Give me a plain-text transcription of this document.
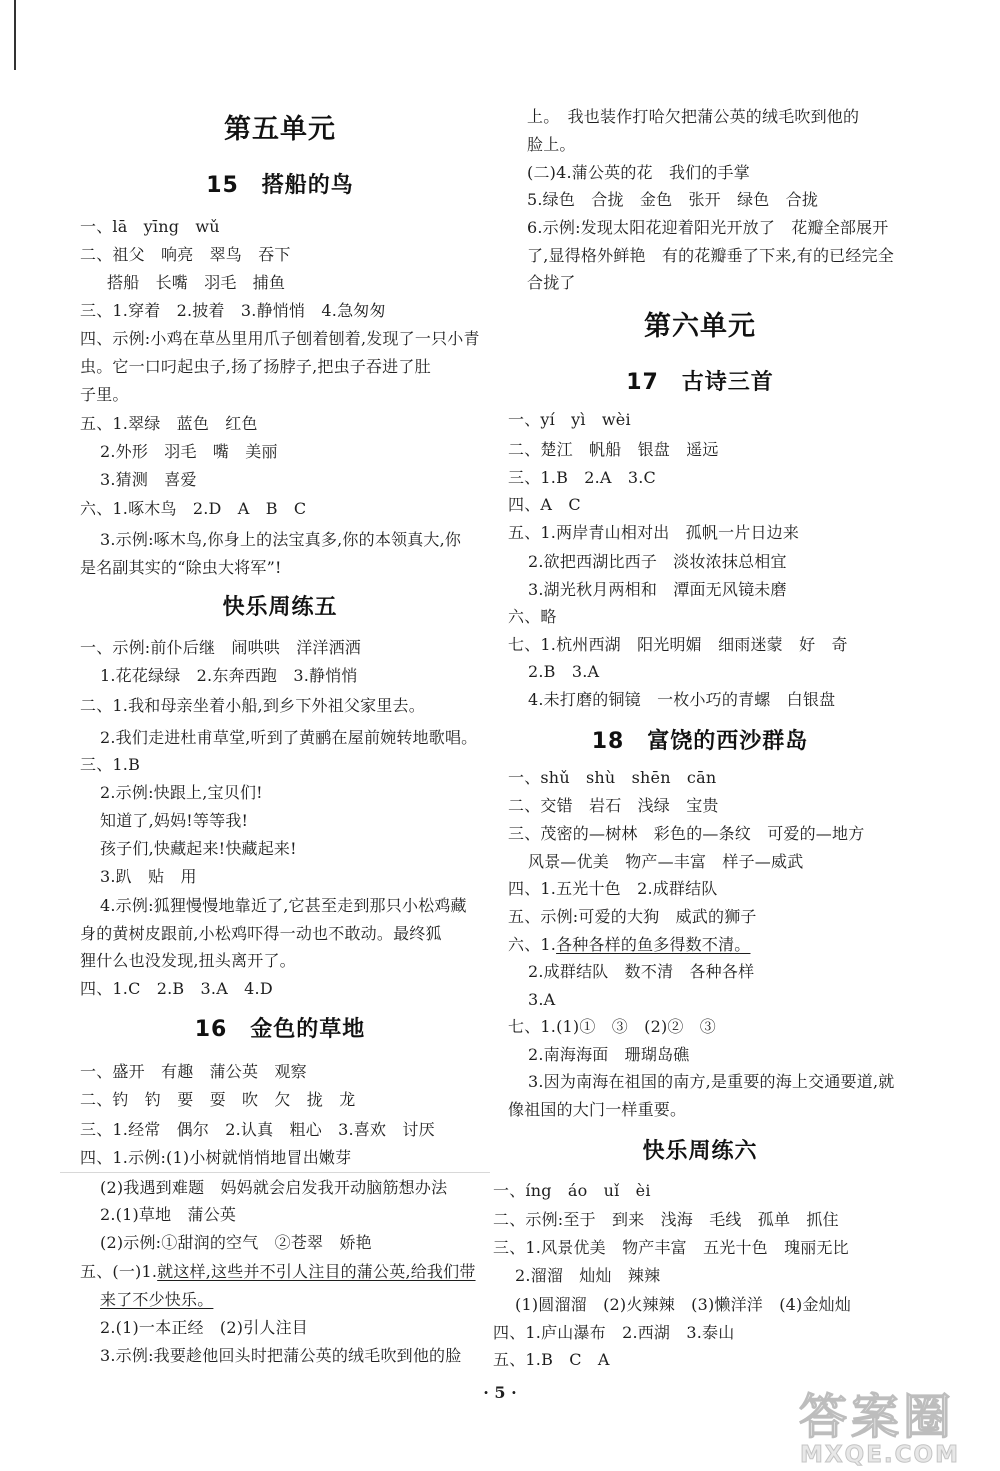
第五单元
15　搭船的鸟
一、lā　yīng　wǔ
二、祖父　响亮　翠鸟　吞下
搭船　长嘴　羽毛　捕鱼
三、1.穿着　2.披着　3.静悄悄　4.急匆匆
四、示例:小鸡在草丛里用爪子刨着刨着,发现了一只小青
虫。它一口叼起虫子,扬了扬脖子,把虫子吞进了肚
子里。
五、1.翠绿　蓝色　红色
2.外形　羽毛　嘴　美丽
3.猜测　喜爱
六、1.啄木鸟　2.D　A　B　C
3.示例:啄木鸟,你身上的法宝真多,你的本领真大,你
是名副其实的“除虫大将军”!
快乐周练五
一、示例:前仆后继　闹哄哄　洋洋洒洒
1.花花绿绿　2.东奔西跑　3.静悄悄
二、1.我和母亲坐着小船,到乡下外祖父家里去。
2.我们走进杜甫草堂,听到了黄鹂在屋前婉转地歌唱。
三、1.B
2.示例:快跟上,宝贝们!
知道了,妈妈!等等我!
孩子们,快藏起来!快藏起来!
3.趴　贴　用
4.示例:狐狸慢慢地靠近了,它甚至走到那只小松鸡藏
身的黄树皮跟前,小松鸡吓得一动也不敢动。最终狐
狸什么也没发现,扭头离开了。
四、1.C　2.B　3.A　4.D
16　金色的草地
一、盛开　有趣　蒲公英　观察
二、钓　钓　要　耍　吹　欠　拢　龙
三、1.经常　偶尔　2.认真　粗心　3.喜欢　讨厌
四、1.示例:(1)小树就悄悄地冒出嫩芽
(2)我遇到难题　妈妈就会启发我开动脑筋想办法
2.(1)草地　蒲公英
(2)示例:①甜润的空气　②苍翠　娇艳
五、(一)1.就这样,这些并不引人注目的蒲公英,给我们带
来了不少快乐。
2.(1)一本正经　(2)引人注目
3.示例:我要趁他回头时把蒲公英的绒毛吹到他的脸
上。　我也装作打哈欠把蒲公英的绒毛吹到他的
脸上。
(二)4.蒲公英的花　我们的手掌
5.绿色　合拢　金色　张开　绿色　合拢
6.示例:发现太阳花迎着阳光开放了　花瓣全部展开
了,显得格外鲜艳　有的花瓣垂了下来,有的已经完全
合拢了
第六单元
17　古诗三首
一、yí　yì　wèi
二、楚江　帆船　银盘　遥远
三、1.B　2.A　3.C
四、A　C
五、1.两岸青山相对出　孤帆一片日边来
2.欲把西湖比西子　淡妆浓抹总相宜
3.湖光秋月两相和　潭面无风镜未磨
六、略
七、1.杭州西湖　阳光明媚　细雨迷蒙　好　奇
2.B　3.A
4.未打磨的铜镜　一枚小巧的青螺　白银盘
18　富饶的西沙群岛
一、shǔ　shù　shēn　cān
二、交错　岩石　浅绿　宝贵
三、茂密的—树林　彩色的—条纹　可爱的—地方
风景—优美　物产—丰富　样子—威武
四、1.五光十色　2.成群结队
五、示例:可爱的大狗　威武的狮子
六、1.各种各样的鱼多得数不清。
2.成群结队　数不清　各种各样
3.A
七、1.(1)①　③　(2)②　③
2.南海海面　珊瑚岛礁
3.因为南海在祖国的南方,是重要的海上交通要道,就
像祖国的大门一样重要。
快乐周练六
一、íng　áo　uǐ　èi
二、示例:至于　到来　浅海　毛线　孤单　抓住
三、1.风景优美　物产丰富　五光十色　瑰丽无比
2.溜溜　灿灿　辣辣
(1)圆溜溜　(2)火辣辣　(3)懒洋洋　(4)金灿灿
四、1.庐山瀑布　2.西湖　3.泰山
五、1.B　C　A
· 5 ·	答案圈
MXQE.COM
